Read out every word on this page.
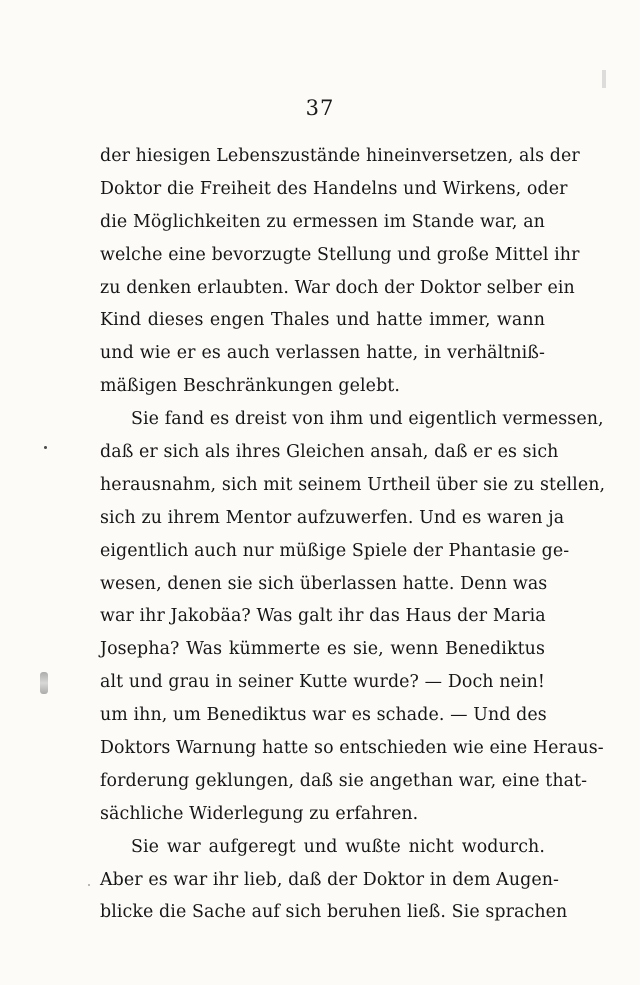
37
der hiesigen Lebenszustände hineinversetzen, als der
Doktor die Freiheit des Handelns und Wirkens, oder
die Möglichkeiten zu ermessen im Stande war, an
welche eine bevorzugte Stellung und große Mittel ihr
zu denken erlaubten. War doch der Doktor selber ein
Kind dieses engen Thales und hatte immer, wann
und wie er es auch verlassen hatte, in verhältniß-
mäßigen Beschränkungen gelebt.
Sie fand es dreist von ihm und eigentlich vermessen,
daß er sich als ihres Gleichen ansah, daß er es sich
herausnahm, sich mit seinem Urtheil über sie zu stellen,
sich zu ihrem Mentor aufzuwerfen. Und es waren ja
eigentlich auch nur müßige Spiele der Phantasie ge-
wesen, denen sie sich überlassen hatte. Denn was
war ihr Jakobäa? Was galt ihr das Haus der Maria
Josepha? Was kümmerte es sie, wenn Benediktus
alt und grau in seiner Kutte wurde? — Doch nein!
um ihn, um Benediktus war es schade. — Und des
Doktors Warnung hatte so entschieden wie eine Heraus-
forderung geklungen, daß sie angethan war, eine that-
sächliche Widerlegung zu erfahren.
Sie war aufgeregt und wußte nicht wodurch.
Aber es war ihr lieb, daß der Doktor in dem Augen-
blicke die Sache auf sich beruhen ließ. Sie sprachen
